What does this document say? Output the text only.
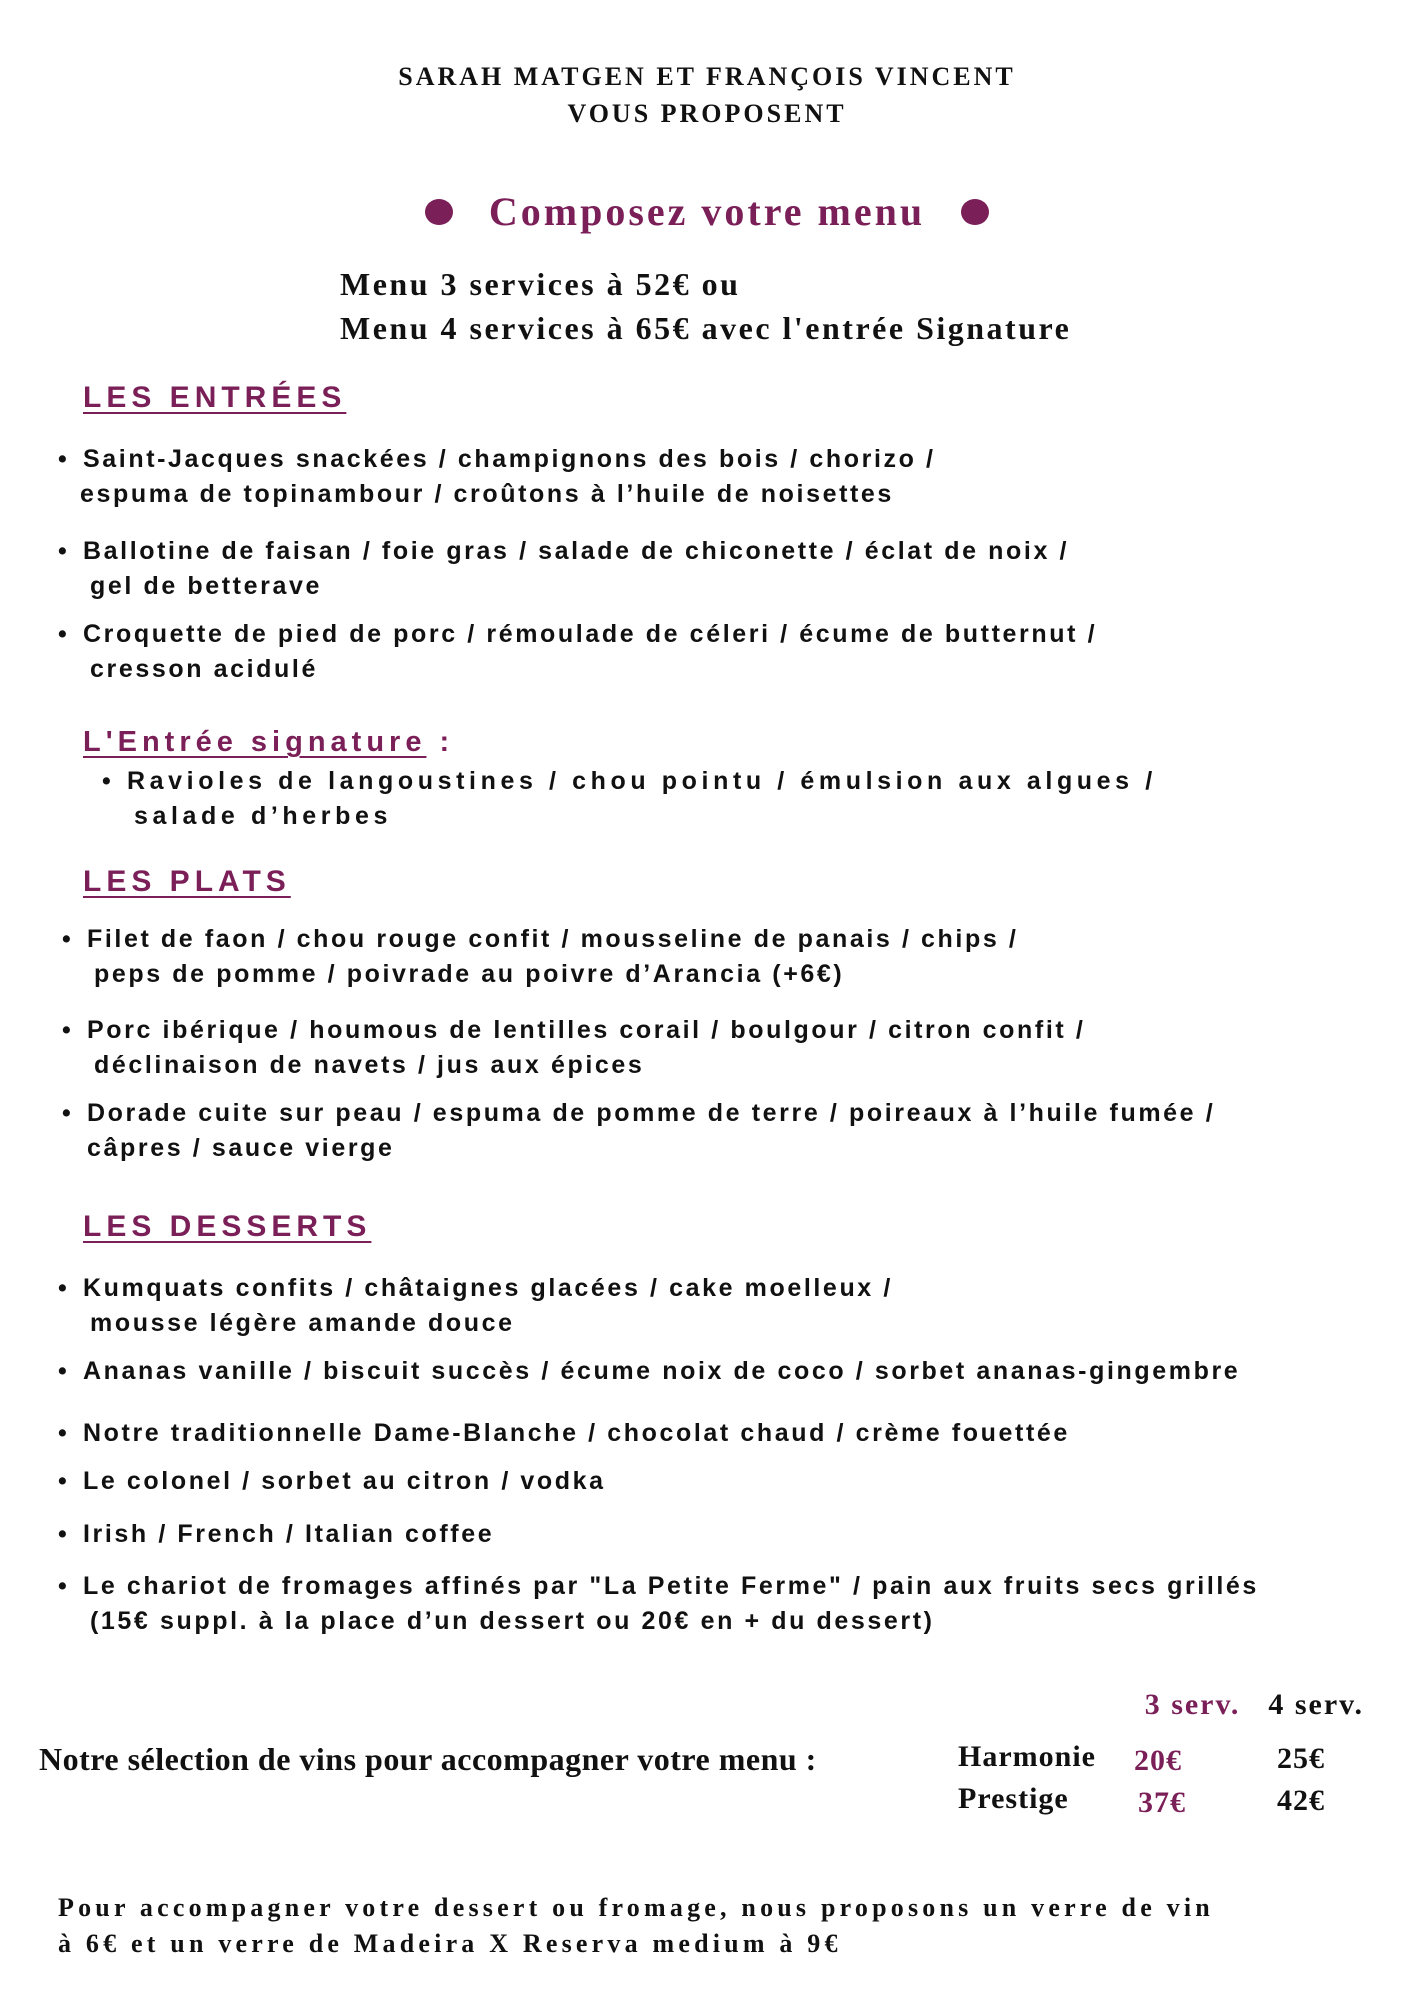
SARAH MATGEN ET FRANÇOIS VINCENT
VOUS PROPOSENT
Composez votre menu
Menu 3 services à 52€ ou
Menu 4 services à 65€ avec l'entrée Signature
LES ENTRÉES
• Saint-Jacques snackées / champignons des bois / chorizo /
espuma de topinambour / croûtons à l’huile de noisettes
• Ballotine de faisan / foie gras / salade de chiconette / éclat de noix /
gel de betterave
• Croquette de pied de porc / rémoulade de céleri / écume de butternut /
cresson acidulé
L'Entrée signature :
• Ravioles de langoustines / chou pointu / émulsion aux algues /
salade d’herbes
LES PLATS
• Filet de faon / chou rouge confit / mousseline de panais / chips /
peps de pomme / poivrade au poivre d’Arancia (+6€)
• Porc ibérique / houmous de lentilles corail / boulgour / citron confit /
déclinaison de navets / jus aux épices
• Dorade cuite sur peau / espuma de pomme de terre / poireaux à l’huile fumée /
câpres / sauce vierge
LES DESSERTS
• Kumquats confits / châtaignes glacées / cake moelleux /
mousse légère amande douce
• Ananas vanille / biscuit succès / écume noix de coco / sorbet ananas-gingembre
• Notre traditionnelle Dame-Blanche / chocolat chaud / crème fouettée
• Le colonel / sorbet au citron / vodka
• Irish / French / Italian coffee
• Le chariot de fromages affinés par "La Petite Ferme" / pain aux fruits secs grillés
(15€ suppl. à la place d’un dessert ou 20€ en + du dessert)
3 serv. 4 serv.
Notre sélection de vins pour accompagner votre menu :	Harmonie 20€	25€
Prestige 37€	42€
Pour accompagner votre dessert ou fromage, nous proposons un verre de vin
à 6€ et un verre de Madeira X Reserva medium à 9€
